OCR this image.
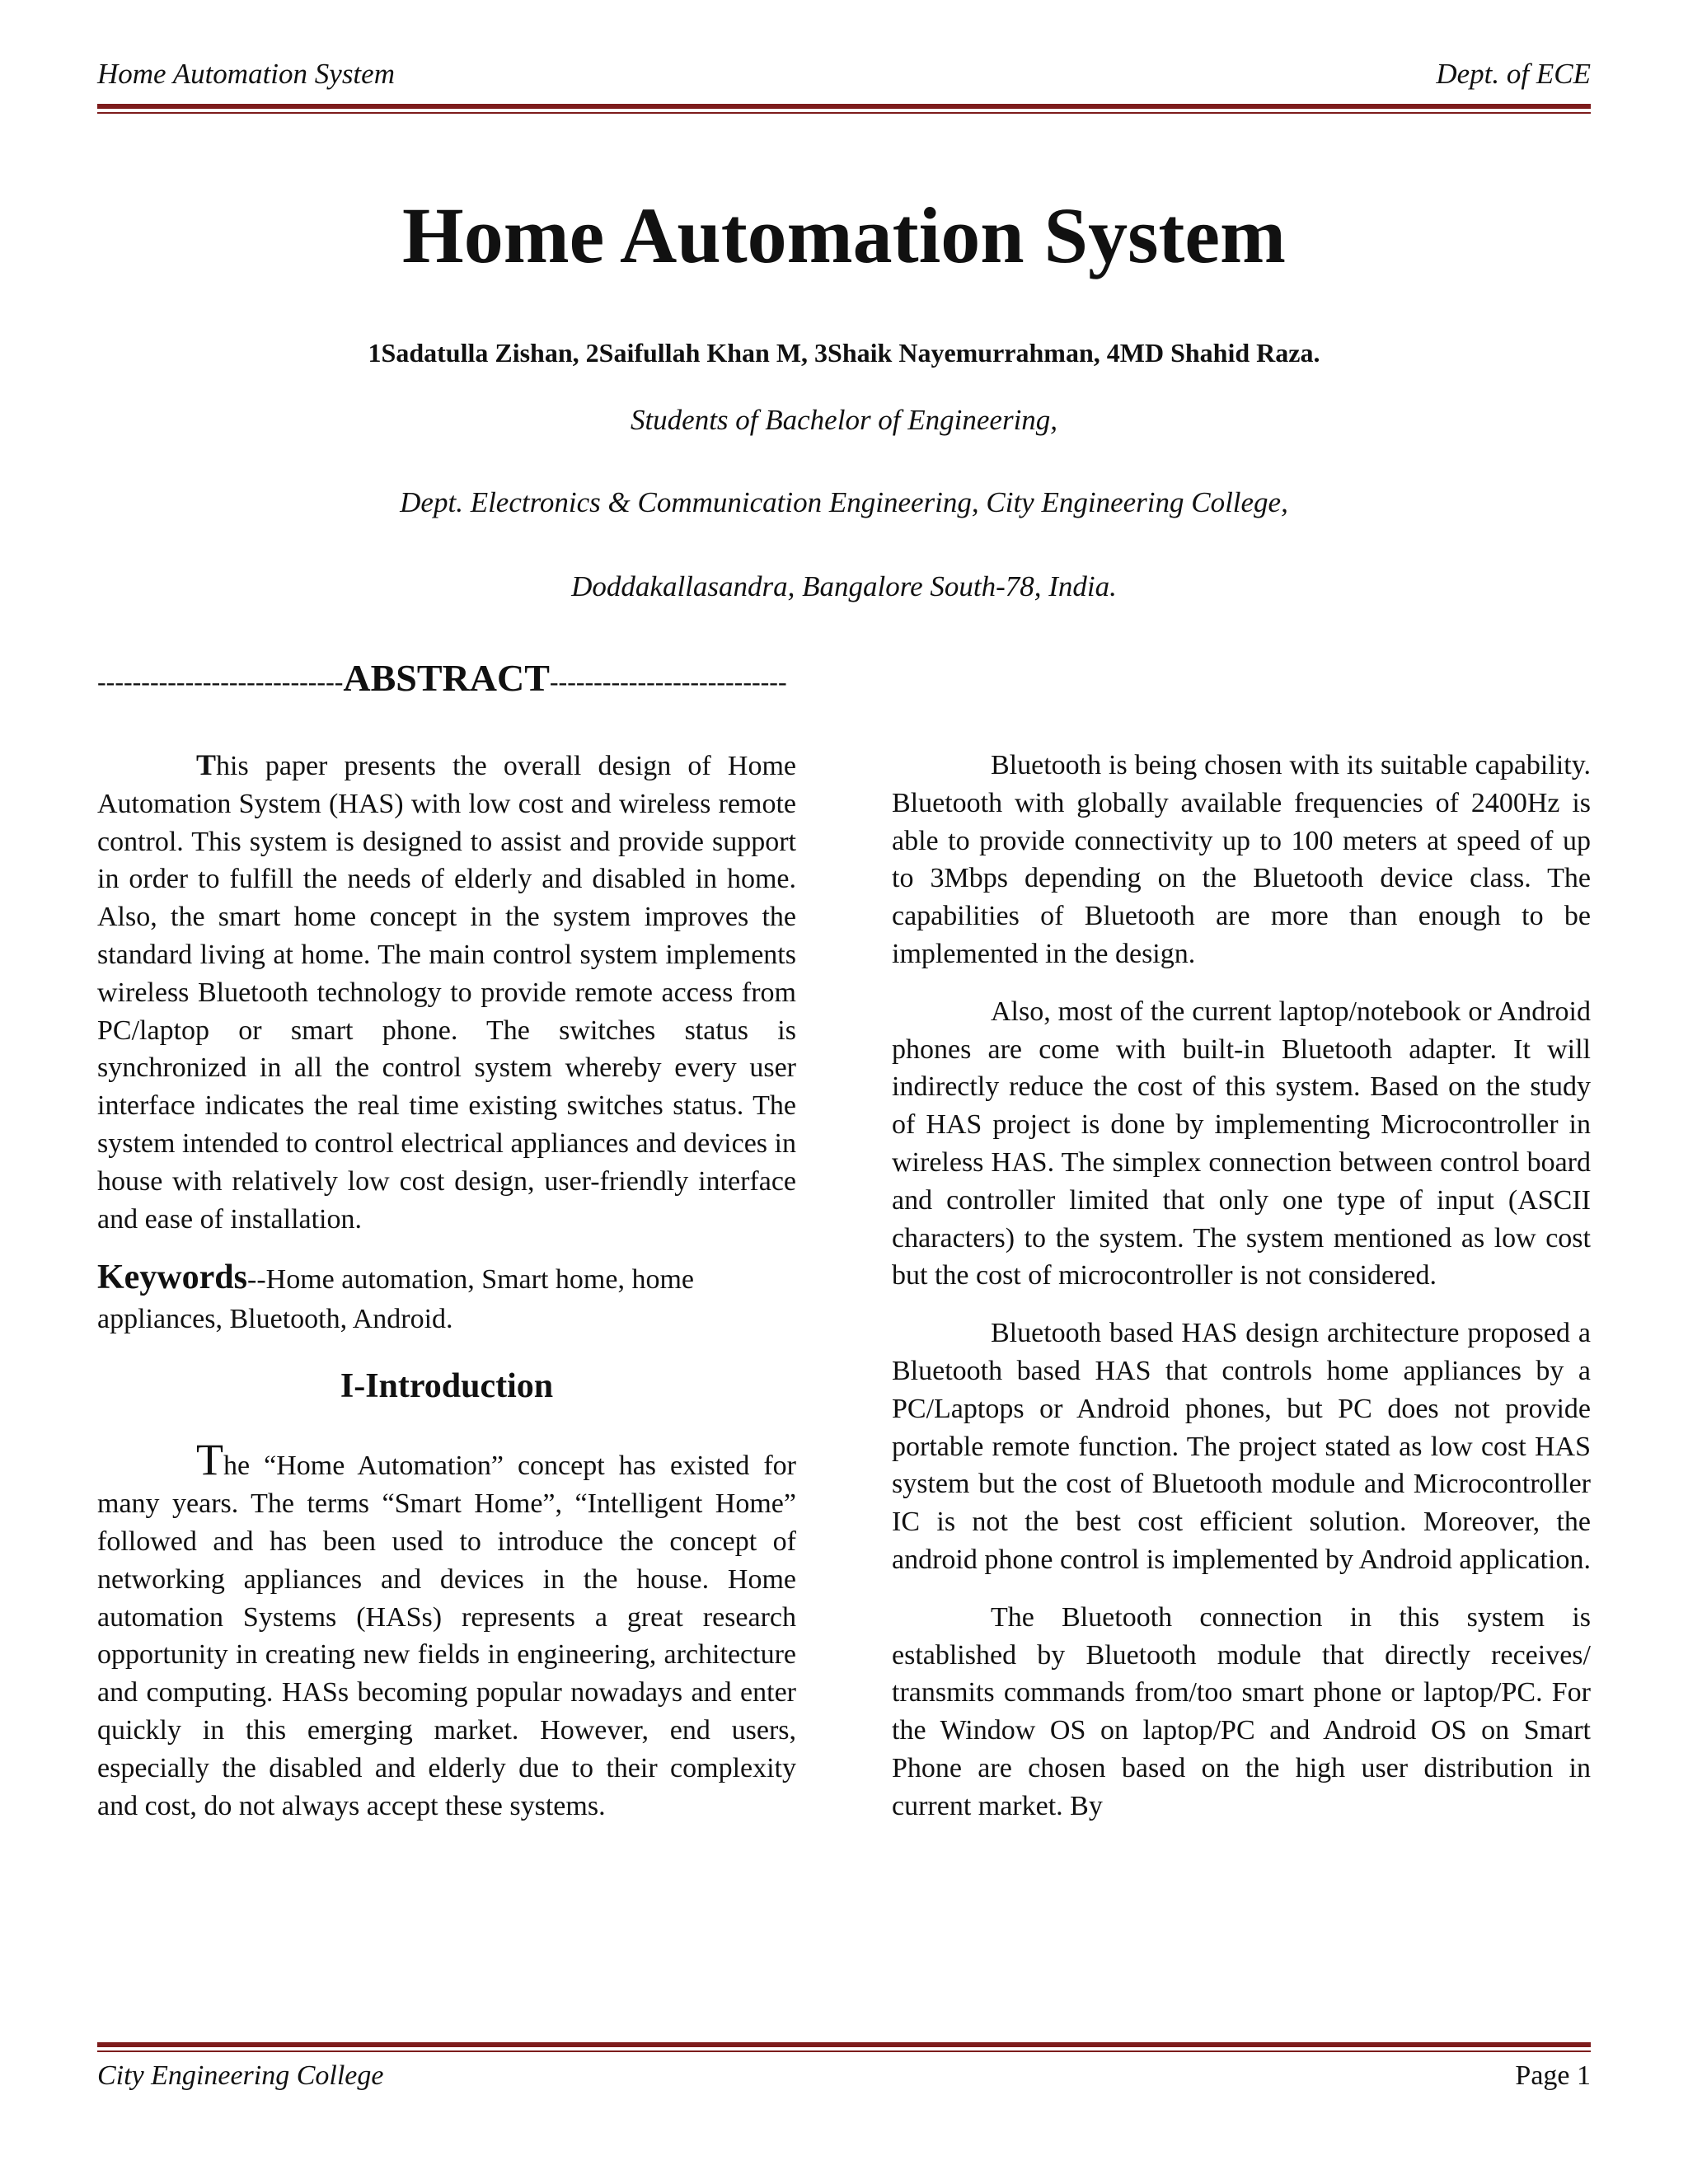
Home Automation System	Dept. of ECE
Home Automation System
1Sadatulla Zishan, 2Saifullah Khan M, 3Shaik Nayemurrahman, 4MD Shahid Raza.
Students of Bachelor of Engineering,
Dept. Electronics & Communication Engineering, City Engineering College,
Doddakallasandra, Bangalore South-78, India.
----------------------------ABSTRACT---------------------------

This paper presents the overall design of Home Automation System (HAS) with low cost and wireless remote control. This system is designed to assist and provide support in order to fulfill the needs of elderly and disabled in home. Also, the smart home concept in the system improves the standard living at home. The main control system implements wireless Bluetooth technology to provide remote access from PC/laptop or smart phone. The switches status is synchronized in all the control system whereby every user interface indicates the real time existing switches status. The system intended to control electrical appliances and devices in house with relatively low cost design, user-friendly interface and ease of installation.

Keywords--Home automation, Smart home, home appliances, Bluetooth, Android.

I-Introduction

The “Home Automation” concept has existed for many years. The terms “Smart Home”, “Intelligent Home” followed and has been used to introduce the concept of networking appliances and devices in the house. Home automation Systems (HASs) represents a great research opportunity in creating new fields in engineering, architecture and computing. HASs becoming popular nowadays and enter quickly in this emerging market. However, end users, especially the disabled and elderly due to their complexity and cost, do not always accept these systems.

Bluetooth is being chosen with its suitable capability. Bluetooth with globally available frequencies of 2400Hz is able to provide connectivity up to 100 meters at speed of up to 3Mbps depending on the Bluetooth device class. The capabilities of Bluetooth are more than enough to be implemented in the design.

Also, most of the current laptop/notebook or Android phones are come with built-in Bluetooth adapter. It will indirectly reduce the cost of this system. Based on the study of HAS project is done by implementing Microcontroller in wireless HAS. The simplex connection between control board and controller limited that only one type of input (ASCII characters) to the system. The system mentioned as low cost but the cost of microcontroller is not considered.

Bluetooth based HAS design architecture proposed a Bluetooth based HAS that controls home appliances by a PC/Laptops or Android phones, but PC does not provide portable remote function. The project stated as low cost HAS system but the cost of Bluetooth module and Microcontroller IC is not the best cost efficient solution. Moreover, the android phone control is implemented by Android application.

The Bluetooth connection in this system is established by Bluetooth module that directly receives/ transmits commands from/too smart phone or laptop/PC. For the Window OS on laptop/PC and Android OS on Smart Phone are chosen based on the high user distribution in current market. By

City Engineering College	Page 1
